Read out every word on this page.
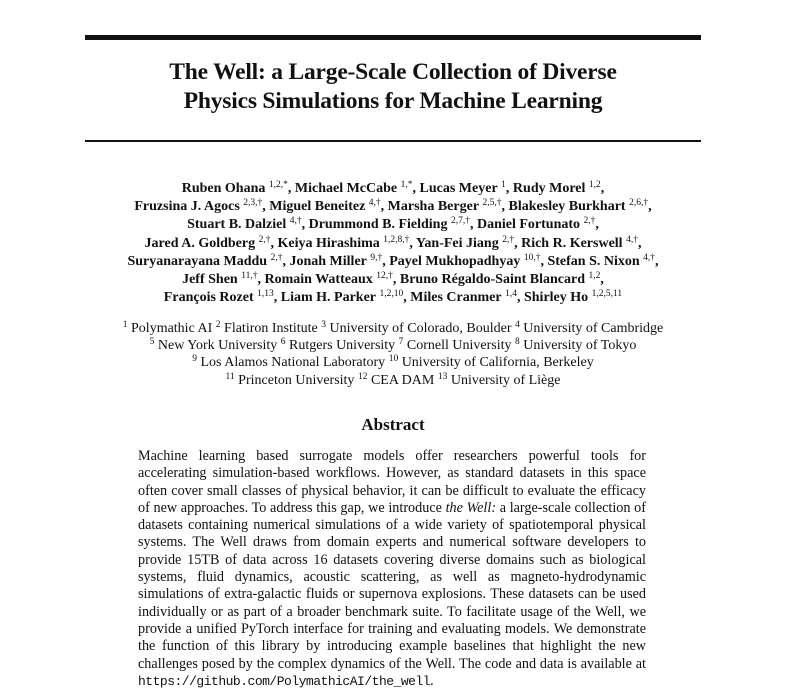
The Well: a Large-Scale Collection of Diverse
Physics Simulations for Machine Learning
Ruben Ohana $^{1,2,*}$, Michael McCabe $^{1,*}$, Lucas Meyer $^1$, Rudy Morel $^{1,2}$,
Fruzsina J. Agocs $^{2,3,\dagger}$, Miguel Beneitez $^{4,\dagger}$, Marsha Berger $^{2,5,\dagger}$, Blakesley Burkhart $^{2,6,\dagger}$,
Stuart B. Dalziel $^{4,\dagger}$, Drummond B. Fielding $^{2,7,\dagger}$, Daniel Fortunato $^{2,\dagger}$,
Jared A. Goldberg $^{2,\dagger}$, Keiya Hirashima $^{1,2,8,\dagger}$, Yan-Fei Jiang $^{2,\dagger}$, Rich R. Kerswell $^{4,\dagger}$,
Suryanarayana Maddu $^{2,\dagger}$, Jonah Miller $^{9,\dagger}$, Payel Mukhopadhyay $^{10,\dagger}$, Stefan S. Nixon $^{4,\dagger}$,
Jeff Shen $^{11,\dagger}$, Romain Watteaux $^{12,\dagger}$, Bruno Régaldo-Saint Blancard $^{1,2}$,
François Rozet $^{1,13}$, Liam H. Parker $^{1,2,10}$, Miles Cranmer $^{1,4}$, Shirley Ho $^{1,2,5,11}$
$^1$ Polymathic AI $^2$ Flatiron Institute $^3$ University of Colorado, Boulder $^4$ University of Cambridge
$^5$ New York University $^6$ Rutgers University $^7$ Cornell University $^8$ University of Tokyo
$^9$ Los Alamos National Laboratory $^{10}$ University of California, Berkeley
$^{11}$ Princeton University $^{12}$ CEA DAM $^{13}$ University of Liège
Abstract
Machine learning based surrogate models offer researchers powerful tools for accelerating simulation-based workflows. However, as standard datasets in this space often cover small classes of physical behavior, it can be difficult to evaluate the efficacy of new approaches. To address this gap, we introduce the Well: a large-scale collection of datasets containing numerical simulations of a wide variety of spatiotemporal physical systems. The Well draws from domain experts and numerical software developers to provide 15TB of data across 16 datasets covering diverse domains such as biological systems, fluid dynamics, acoustic scattering, as well as magneto-hydrodynamic simulations of extra-galactic fluids or supernova explosions. These datasets can be used individually or as part of a broader benchmark suite. To facilitate usage of the Well, we provide a unified PyTorch interface for training and evaluating models. We demonstrate the function of this library by introducing example baselines that highlight the new challenges posed by the complex dynamics of the Well. The code and data is available at https://github.com/PolymathicAI/the_well.
